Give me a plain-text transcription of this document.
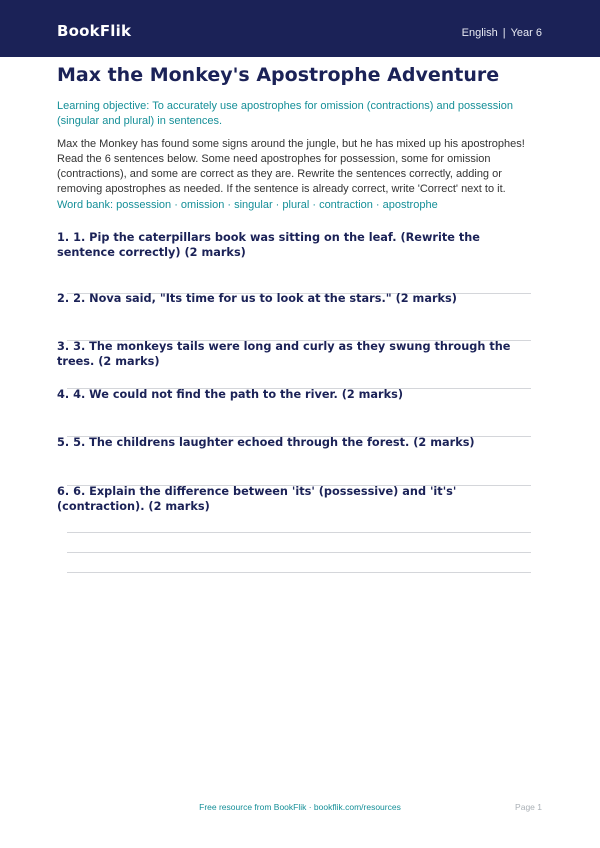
BookFlik	English | Year 6
Max the Monkey's Apostrophe Adventure

Learning objective: To accurately use apostrophes for omission (contractions) and possession (singular and plural) in sentences.

Max the Monkey has found some signs around the jungle, but he has mixed up his apostrophes! Read the 6 sentences below. Some need apostrophes for possession, some for omission (contractions), and some are correct as they are. Rewrite the sentences correctly, adding or removing apostrophes as needed. If the sentence is already correct, write 'Correct' next to it.

Word bank: possession · omission · singular · plural · contraction · apostrophe

1. 1. Pip the caterpillars book was sitting on the leaf. (Rewrite the sentence correctly) (2 marks)
2. 2. Nova said, "Its time for us to look at the stars." (2 marks)
3. 3. The monkeys tails were long and curly as they swung through the trees. (2 marks)
4. 4. We could not find the path to the river. (2 marks)
5. 5. The childrens laughter echoed through the forest. (2 marks)
6. 6. Explain the difference between 'its' (possessive) and 'it's' (contraction). (2 marks)
Free resource from BookFlik · bookflik.com/resources	Page 1
